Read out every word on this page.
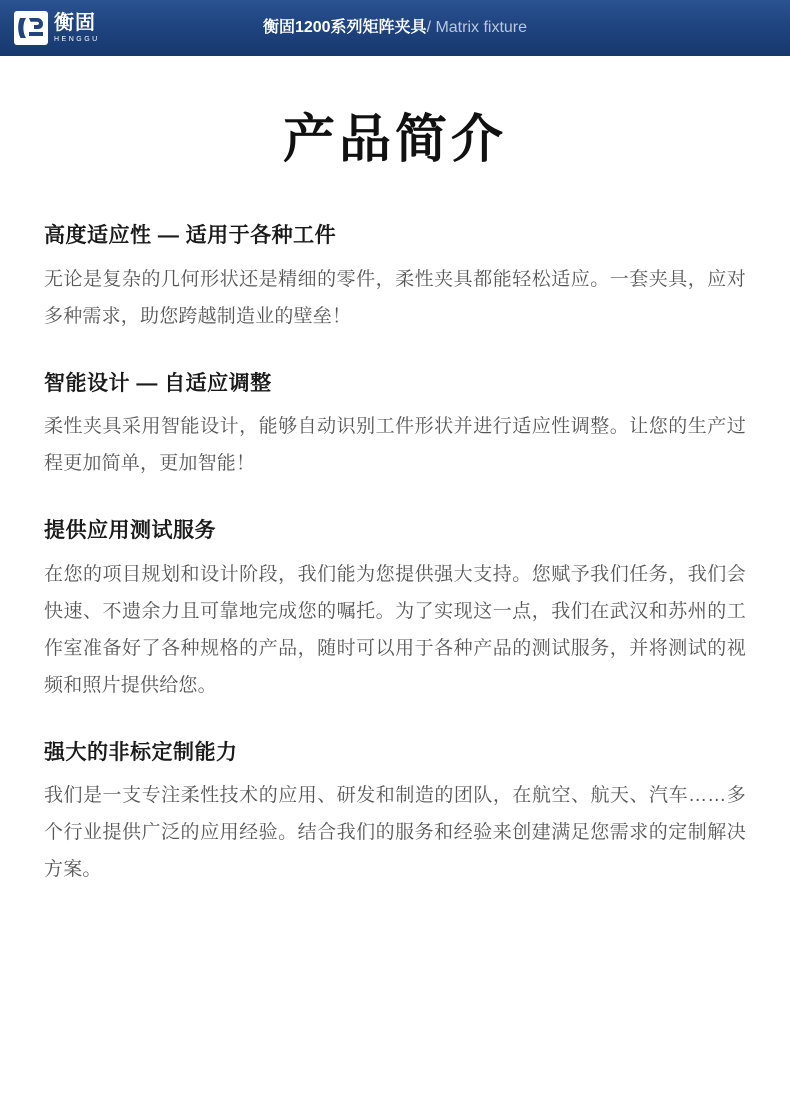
衡固
HENGGU
衡固1200系列矩阵夹具/ Matrix fixture
产品简介
高度适应性 — 适用于各种工件

无论是复杂的几何形状还是精细的零件，柔性夹具都能轻松适应。一套夹具，应对多种需求，助您跨越制造业的壁垒！

智能设计 — 自适应调整

柔性夹具采用智能设计，能够自动识别工件形状并进行适应性调整。让您的生产过程更加简单，更加智能！

提供应用测试服务

在您的项目规划和设计阶段，我们能为您提供强大支持。您赋予我们任务，我们会快速、不遗余力且可靠地完成您的嘱托。为了实现这一点，我们在武汉和苏州的工作室准备好了各种规格的产品，随时可以用于各种产品的测试服务，并将测试的视频和照片提供给您。

强大的非标定制能力

我们是一支专注柔性技术的应用、研发和制造的团队，在航空、航天、汽车……多个行业提供广泛的应用经验。结合我们的服务和经验来创建满足您需求的定制解决方案。
